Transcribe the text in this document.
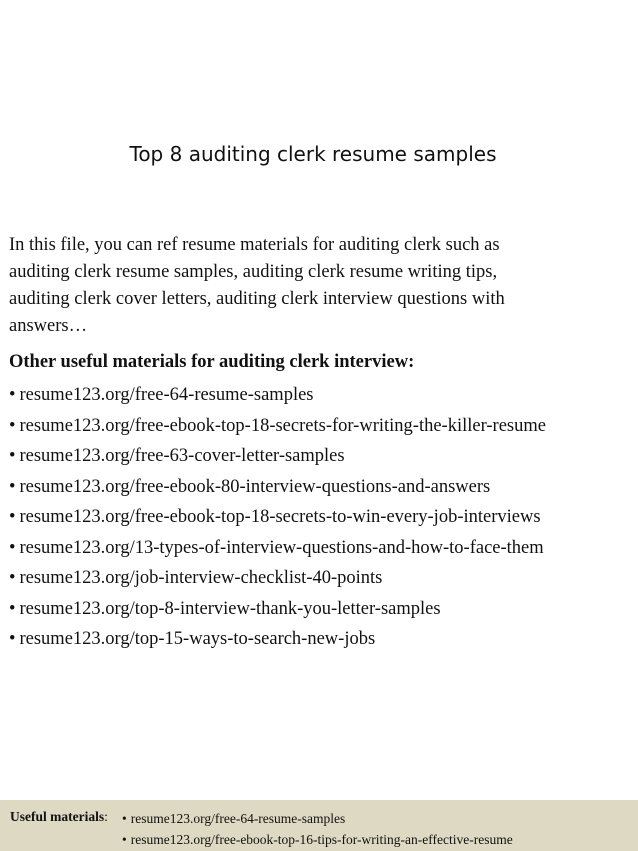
Top 8 auditing clerk resume samples

In this file, you can ref resume materials for auditing clerk such as
auditing clerk resume samples, auditing clerk resume writing tips,
auditing clerk cover letters, auditing clerk interview questions with
answers…

Other useful materials for auditing clerk interview:

• resume123.org/free-64-resume-samples
• resume123.org/free-ebook-top-18-secrets-for-writing-the-killer-resume
• resume123.org/free-63-cover-letter-samples
• resume123.org/free-ebook-80-interview-questions-and-answers
• resume123.org/free-ebook-top-18-secrets-to-win-every-job-interviews
• resume123.org/13-types-of-interview-questions-and-how-to-face-them
• resume123.org/job-interview-checklist-40-points
• resume123.org/top-8-interview-thank-you-letter-samples
• resume123.org/top-15-ways-to-search-new-jobs
Useful materials: • resume123.org/free-64-resume-samples
• resume123.org/free-ebook-top-16-tips-for-writing-an-effective-resume
